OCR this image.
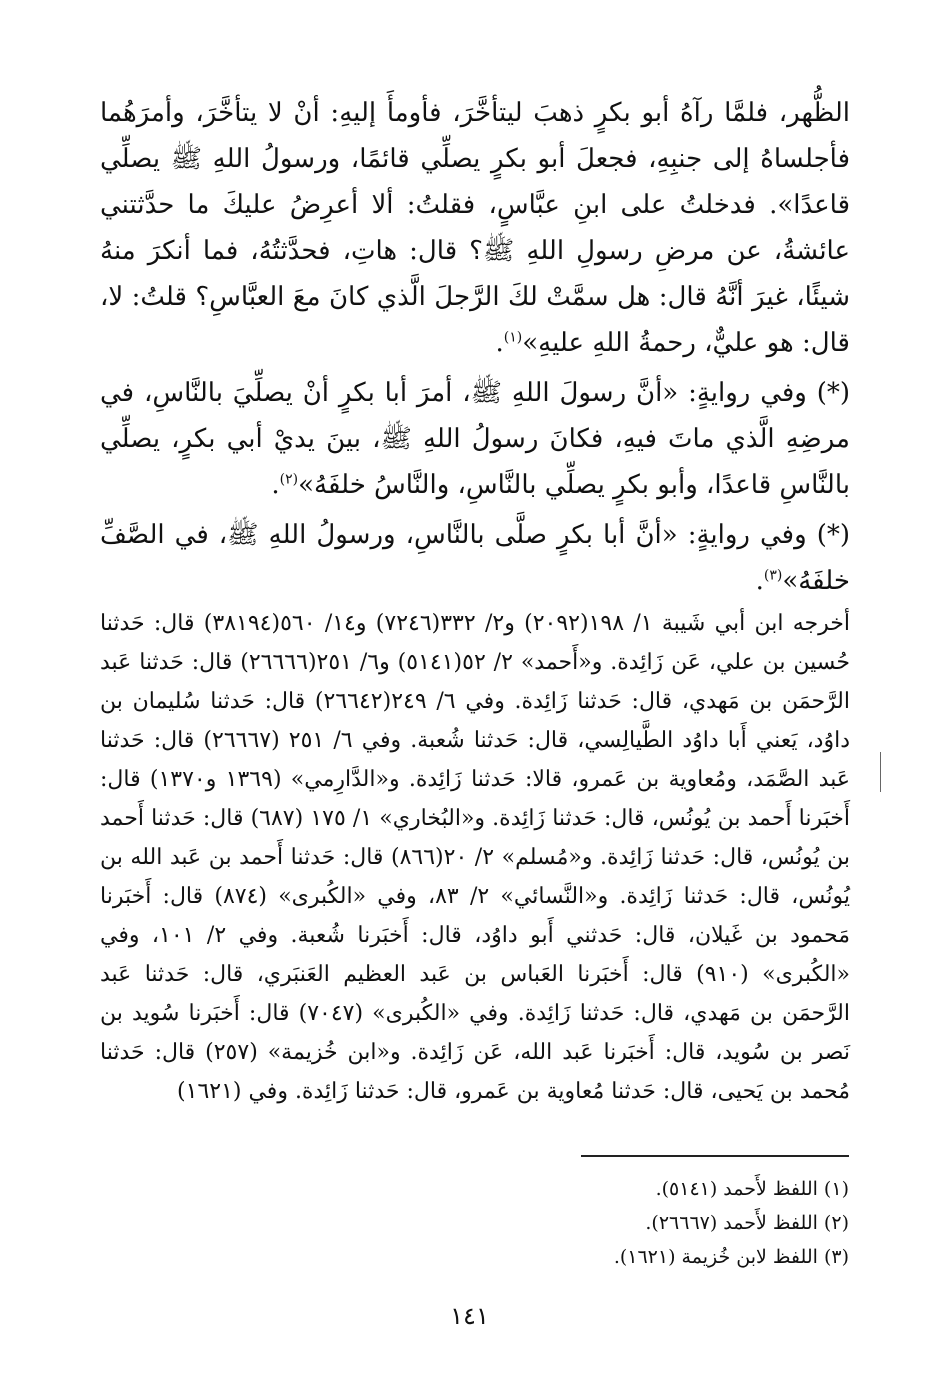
الظُّهر، فلمَّا رآهُ أبو بكرٍ ذهبَ ليتأخَّرَ، فأومأَ إليهِ: أنْ لا يتأخَّرَ، وأمرَهُما فأجلساهُ إلى جنبِهِ، فجعلَ أبو بكرٍ يصلِّي قائمًا، ورسولُ اللهِ ﷺ يصلِّي قاعدًا». فدخلتُ على ابنِ عبَّاسٍ، فقلتُ: ألا أعرِضُ عليكَ ما حدَّثتني عائشةُ، عن مرضِ رسولِ اللهِ ﷺ؟ قال: هاتِ، فحدَّثتُهُ، فما أنكرَ منهُ شيئًا، غيرَ أنَّهُ قال: هل سمَّتْ لكَ الرَّجلَ الَّذي كانَ معَ العبَّاسِ؟ قلتُ: لا، قال: هو عليٌّ، رحمةُ اللهِ عليهِ»$^{(١)}$.

(*) وفي روايةٍ: «أنَّ رسولَ اللهِ ﷺ، أمرَ أبا بكرٍ أنْ يصلِّيَ بالنَّاسِ، في مرضِهِ الَّذي ماتَ فيهِ، فكانَ رسولُ اللهِ ﷺ، بينَ يديْ أبي بكرٍ، يصلِّي بالنَّاسِ قاعدًا، وأبو بكرٍ يصلِّي بالنَّاسِ، والنَّاسُ خلفَهُ»$^{(٢)}$.

(*) وفي روايةٍ: «أنَّ أبا بكرٍ صلَّى بالنَّاسِ، ورسولُ اللهِ ﷺ، في الصَّفِّ خلفَهُ»$^{(٣)}$.

أخرجه ابن أبي شَيبة ١/ ١٩٨(٢٠٩٢) و٢/ ٣٣٢(٧٢٤٦) و١٤/ ٥٦٠(٣٨١٩٤) قال: حَدثنا حُسين بن علي، عَن زَائِدة. و«أَحمد» ٢/ ٥٢(٥١٤١) و٦/ ٢٥١(٢٦٦٦٦) قال: حَدثنا عَبد الرَّحمَن بن مَهدي، قال: حَدثنا زَائِدة. وفي ٦/ ٢٤٩(٢٦٦٤٢) قال: حَدثنا سُليمان بن داوُد، يَعني أَبا داوُد الطَّيالِسي، قال: حَدثنا شُعبة. وفي ٦/ ٢٥١ (٢٦٦٦٧) قال: حَدثنا عَبد الصَّمَد، ومُعاوية بن عَمرو، قالا: حَدثنا زَائِدة. و«الدَّارِمي» (١٣٦٩ و١٣٧٠) قال: أَخبَرنا أَحمد بن يُونُس، قال: حَدثنا زَائِدة. و«البُخاري» ١/ ١٧٥ (٦٨٧) قال: حَدثنا أَحمد بن يُونُس، قال: حَدثنا زَائِدة. و«مُسلم» ٢/ ٢٠(٨٦٦) قال: حَدثنا أَحمد بن عَبد الله بن يُونُس، قال: حَدثنا زَائِدة. و«النَّسائي» ٢/ ٨٣، وفي «الكُبرى» (٨٧٤) قال: أَخبَرنا مَحمود بن غَيلان، قال: حَدثني أَبو داوُد، قال: أَخبَرنا شُعبة. وفي ٢/ ١٠١، وفي «الكُبرى» (٩١٠) قال: أَخبَرنا العَباس بن عَبد العظيم العَنبَري، قال: حَدثنا عَبد الرَّحمَن بن مَهدي، قال: حَدثنا زَائِدة. وفي «الكُبرى» (٧٠٤٧) قال: أَخبَرنا سُويد بن نَصر بن سُويد، قال: أَخبَرنا عَبد الله، عَن زَائِدة. و«ابن خُزيمة» (٢٥٧) قال: حَدثنا مُحمد بن يَحيى، قال: حَدثنا مُعاوية بن عَمرو، قال: حَدثنا زَائِدة. وفي (١٦٢١)

(١) اللفظ لأَحمد (٥١٤١).
(٢) اللفظ لأَحمد (٢٦٦٦٧).
(٣) اللفظ لابن خُزيمة (١٦٢١).
١٤١
